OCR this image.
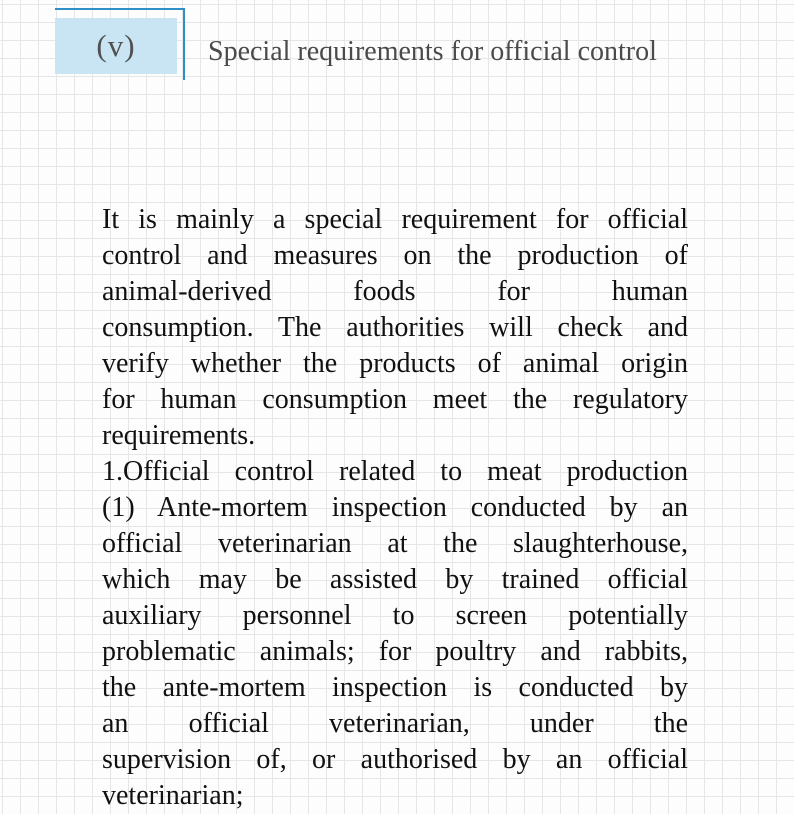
(v)	Special requirements for official control
It is mainly a special requirement for official
control and measures on the production of
animal-derived foods for human
consumption. The authorities will check and
verify whether the products of animal origin
for human consumption meet the regulatory
requirements.
1.Official control related to meat production
(1) Ante-mortem inspection conducted by an
official veterinarian at the slaughterhouse,
which may be assisted by trained official
auxiliary personnel to screen potentially
problematic animals; for poultry and rabbits,
the ante-mortem inspection is conducted by
an official veterinarian, under the
supervision of, or authorised by an official
veterinarian;
